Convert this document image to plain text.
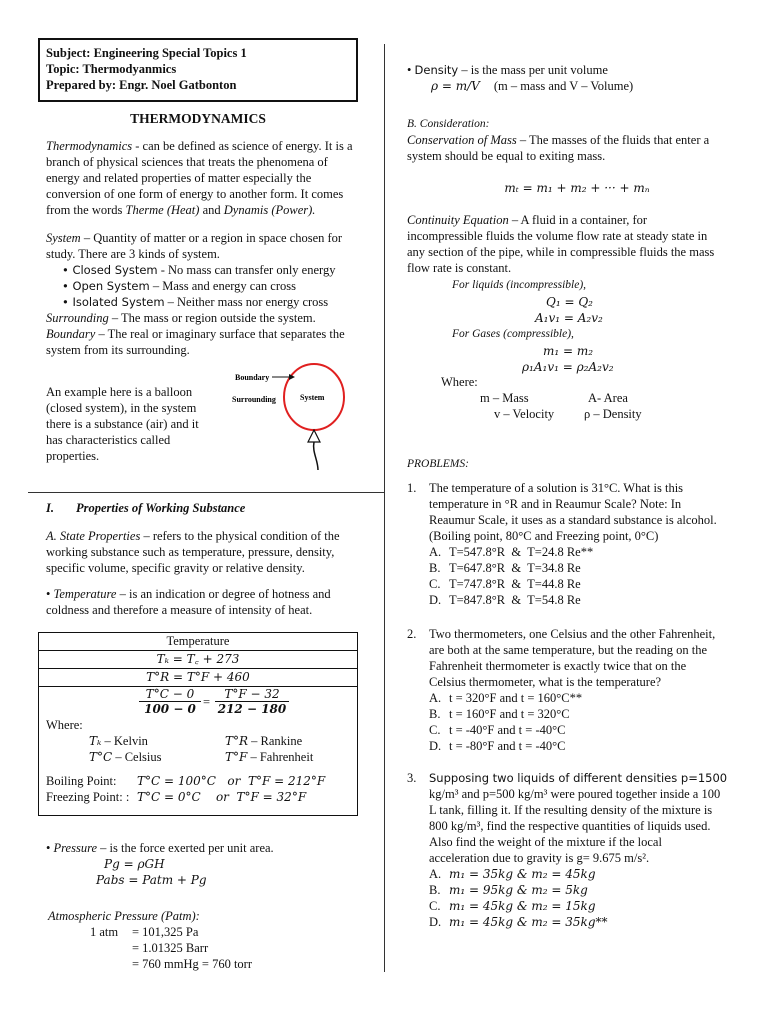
Subject: Engineering Special Topics 1
Topic: Thermodyanmics
Prepared by: Engr. Noel Gatbonton
THERMODYNAMICS
Thermodynamics - can be defined as science of energy. It is a
branch of physical sciences that treats the phenomena of
energy and related properties of matter especially the
conversion of one form of energy to another form. It comes
from the words Therme (Heat) and Dynamis (Power).
System – Quantity of matter or a region in space chosen for
study. There are 3 kinds of system.
• Closed System - No mass can transfer only energy
• Open System – Mass and energy can cross
• Isolated System – Neither mass nor energy cross
Surrounding – The mass or region outside the system.
Boundary – The real or imaginary surface that separates the
system from its surrounding.
An example here is a balloon
(closed system), in the system
there is a substance (air) and it
has characteristics called
properties.
Boundary
Surrounding	System
I. Properties of Working Substance
A. State Properties – refers to the physical condition of the
working substance such as temperature, pressure, density,
specific volume, specific gravity or relative density.
• Temperature – is an indication or degree of hotness and
coldness and therefore a measure of intensity of heat.
Temperature
Tₖ = T꜀ + 273
T°R = T°F + 460
$\frac{T^\circ C - 0}{100 - 0} = \frac{T^\circ F - 32}{212 - 180}$
Where:
Tₖ – Kelvin	T°R – Rankine
T°C – Celsius	T°F – Fahrenheit
Boiling Point: T°C = 100°C   or  T°F = 212°F
Freezing Point: : T°C = 0°C    or  T°F = 32°F
• Pressure – is the force exerted per unit area.
Pg = ρGH
Pabs = Patm + Pg
Atmospheric Pressure (Patm):
1 atm = 101,325 Pa
= 1.01325 Barr
= 760 mmHg = 760 torr
• Density – is the mass per unit volume
ρ = m/V (m – mass and V – Volume)
B. Consideration:
Conservation of Mass – The masses of the fluids that enter a
system should be equal to exiting mass.
mₜ = m₁ + m₂ + ··· + mₙ
Continuity Equation – A fluid in a container, for
incompressible fluids the volume flow rate at steady state in
any section of the pipe, while in compressible fluids the mass
flow rate is constant.
For liquids (incompressible),
Q₁ = Q₂
A₁v₁ = A₂v₂
For Gases (compressible),
m₁ = m₂
ρ₁A₁v₁ = ρ₂A₂v₂
Where:
m – Mass	A- Area
v – Velocity ρ – Density
PROBLEMS:
1. The temperature of a solution is 31°C. What is this
temperature in °R and in Reaumur Scale? Note: In
Reaumur Scale, it uses as a standard substance is alcohol.
(Boiling point, 80°C and Freezing point, 0°C)
A. T=547.8°R  &  T=24.8 Re**
B. T=647.8°R  &  T=34.8 Re
C. T=747.8°R  &  T=44.8 Re
D. T=847.8°R  &  T=54.8 Re
2. Two thermometers, one Celsius and the other Fahrenheit,
are both at the same temperature, but the reading on the
Fahrenheit thermometer is exactly twice that on the
Celsius thermometer, what is the temperature?
A. t = 320°F and t = 160°C**
B. t = 160°F and t = 320°C
C. t = -40°F and t = -40°C
D. t = -80°F and t = -40°C
3. Supposing two liquids of different densities p=1500
kg/m³ and p=500 kg/m³ were poured together inside a 100
L tank, filling it. If the resulting density of the mixture is
800 kg/m³, find the respective quantities of liquids used.
Also find the weight of the mixture if the local
acceleration due to gravity is g= 9.675 m/s².
A. m₁ = 35kg & m₂ = 45kg
B. m₁ = 95kg & m₂ = 5kg
C. m₁ = 45kg & m₂ = 15kg
D. m₁ = 45kg & m₂ = 35kg**
